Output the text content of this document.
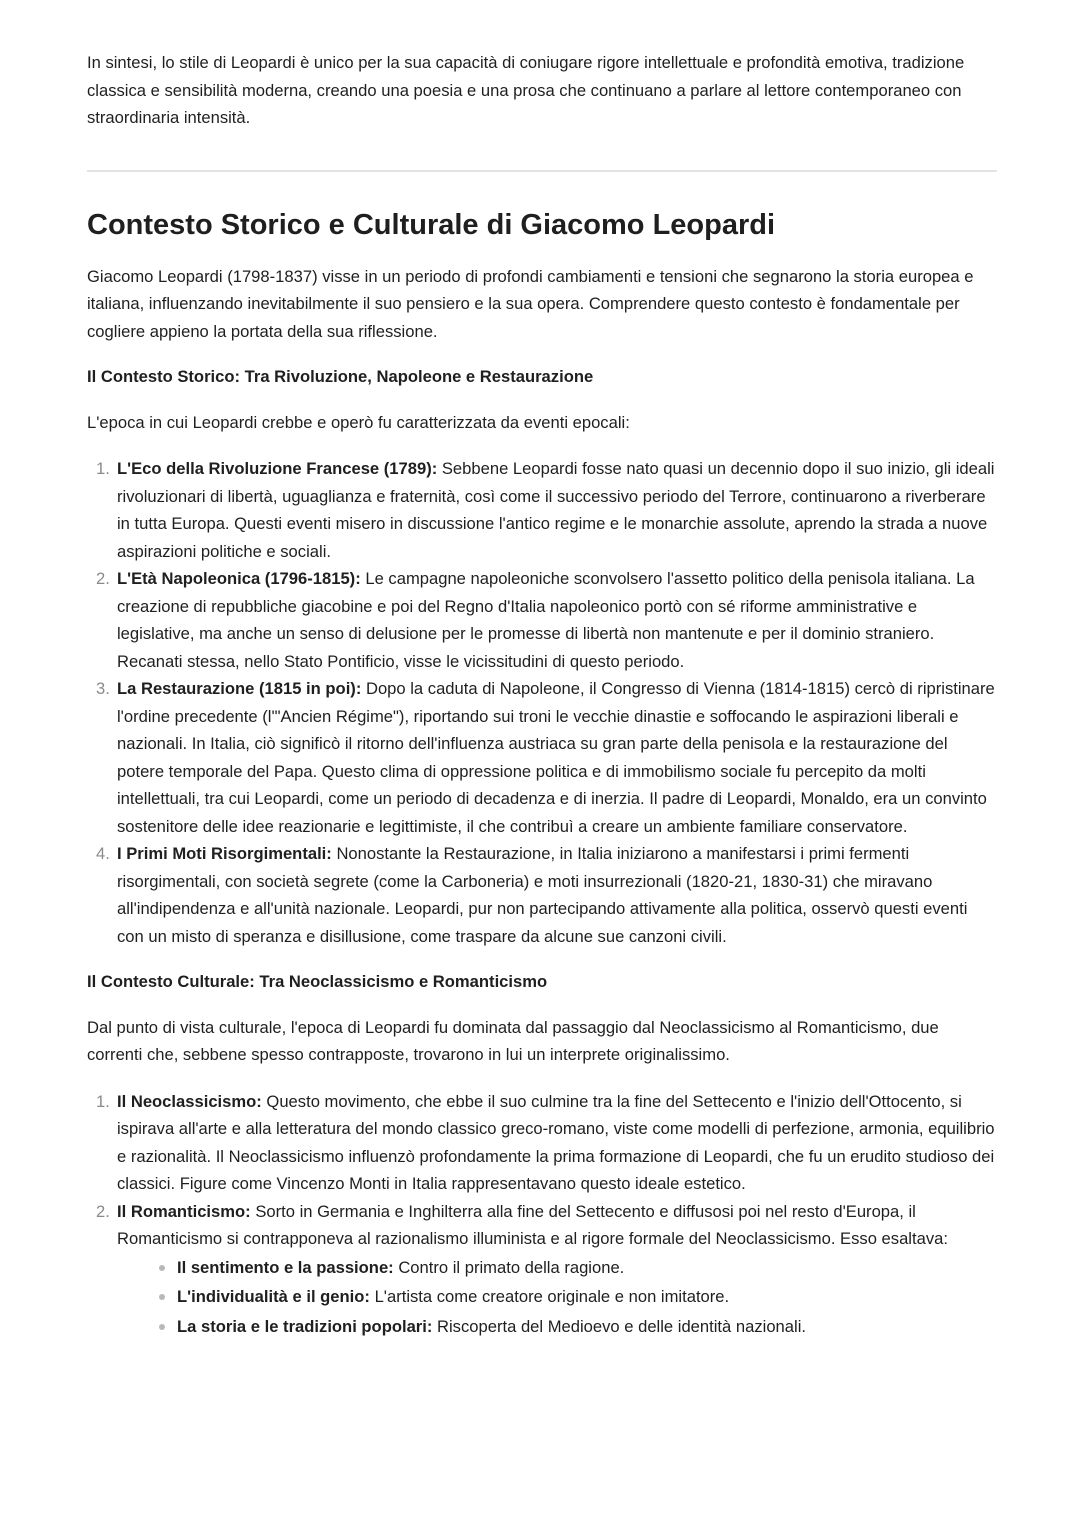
In sintesi, lo stile di Leopardi è unico per la sua capacità di coniugare rigore intellettuale e profondità emotiva, tradizione classica e sensibilità moderna, creando una poesia e una prosa che continuano a parlare al lettore contemporaneo con straordinaria intensità.

Contesto Storico e Culturale di Giacomo Leopardi

Giacomo Leopardi (1798-1837) visse in un periodo di profondi cambiamenti e tensioni che segnarono la storia europea e italiana, influenzando inevitabilmente il suo pensiero e la sua opera. Comprendere questo contesto è fondamentale per cogliere appieno la portata della sua riflessione.

Il Contesto Storico: Tra Rivoluzione, Napoleone e Restaurazione

L'epoca in cui Leopardi crebbe e operò fu caratterizzata da eventi epocali:

1. L'Eco della Rivoluzione Francese (1789): Sebbene Leopardi fosse nato quasi un decennio dopo il suo inizio, gli ideali rivoluzionari di libertà, uguaglianza e fraternità, così come il successivo periodo del Terrore, continuarono a riverberare in tutta Europa. Questi eventi misero in discussione l'antico regime e le monarchie assolute, aprendo la strada a nuove aspirazioni politiche e sociali.
2. L'Età Napoleonica (1796-1815): Le campagne napoleoniche sconvolsero l'assetto politico della penisola italiana. La creazione di repubbliche giacobine e poi del Regno d'Italia napoleonico portò con sé riforme amministrative e legislative, ma anche un senso di delusione per le promesse di libertà non mantenute e per il dominio straniero. Recanati stessa, nello Stato Pontificio, visse le vicissitudini di questo periodo.
3. La Restaurazione (1815 in poi): Dopo la caduta di Napoleone, il Congresso di Vienna (1814-1815) cercò di ripristinare l'ordine precedente (l'"Ancien Régime"), riportando sui troni le vecchie dinastie e soffocando le aspirazioni liberali e nazionali. In Italia, ciò significò il ritorno dell'influenza austriaca su gran parte della penisola e la restaurazione del potere temporale del Papa. Questo clima di oppressione politica e di immobilismo sociale fu percepito da molti intellettuali, tra cui Leopardi, come un periodo di decadenza e di inerzia. Il padre di Leopardi, Monaldo, era un convinto sostenitore delle idee reazionarie e legittimiste, il che contribuì a creare un ambiente familiare conservatore.
4. I Primi Moti Risorgimentali: Nonostante la Restaurazione, in Italia iniziarono a manifestarsi i primi fermenti risorgimentali, con società segrete (come la Carboneria) e moti insurrezionali (1820-21, 1830-31) che miravano all'indipendenza e all'unità nazionale. Leopardi, pur non partecipando attivamente alla politica, osservò questi eventi con un misto di speranza e disillusione, come traspare da alcune sue canzoni civili.
Il Contesto Culturale: Tra Neoclassicismo e Romanticismo

Dal punto di vista culturale, l'epoca di Leopardi fu dominata dal passaggio dal Neoclassicismo al Romanticismo, due correnti che, sebbene spesso contrapposte, trovarono in lui un interprete originalissimo.

1. Il Neoclassicismo: Questo movimento, che ebbe il suo culmine tra la fine del Settecento e l'inizio dell'Ottocento, si ispirava all'arte e alla letteratura del mondo classico greco-romano, viste come modelli di perfezione, armonia, equilibrio e razionalità. Il Neoclassicismo influenzò profondamente la prima formazione di Leopardi, che fu un erudito studioso dei classici. Figure come Vincenzo Monti in Italia rappresentavano questo ideale estetico.
2. Il Romanticismo: Sorto in Germania e Inghilterra alla fine del Settecento e diffusosi poi nel resto d'Europa, il Romanticismo si contrapponeva al razionalismo illuminista e al rigore formale del Neoclassicismo. Esso esaltava:
Il sentimento e la passione: Contro il primato della ragione.
L'individualità e il genio: L'artista come creatore originale e non imitatore.
La storia e le tradizioni popolari: Riscoperta del Medioevo e delle identità nazionali.
